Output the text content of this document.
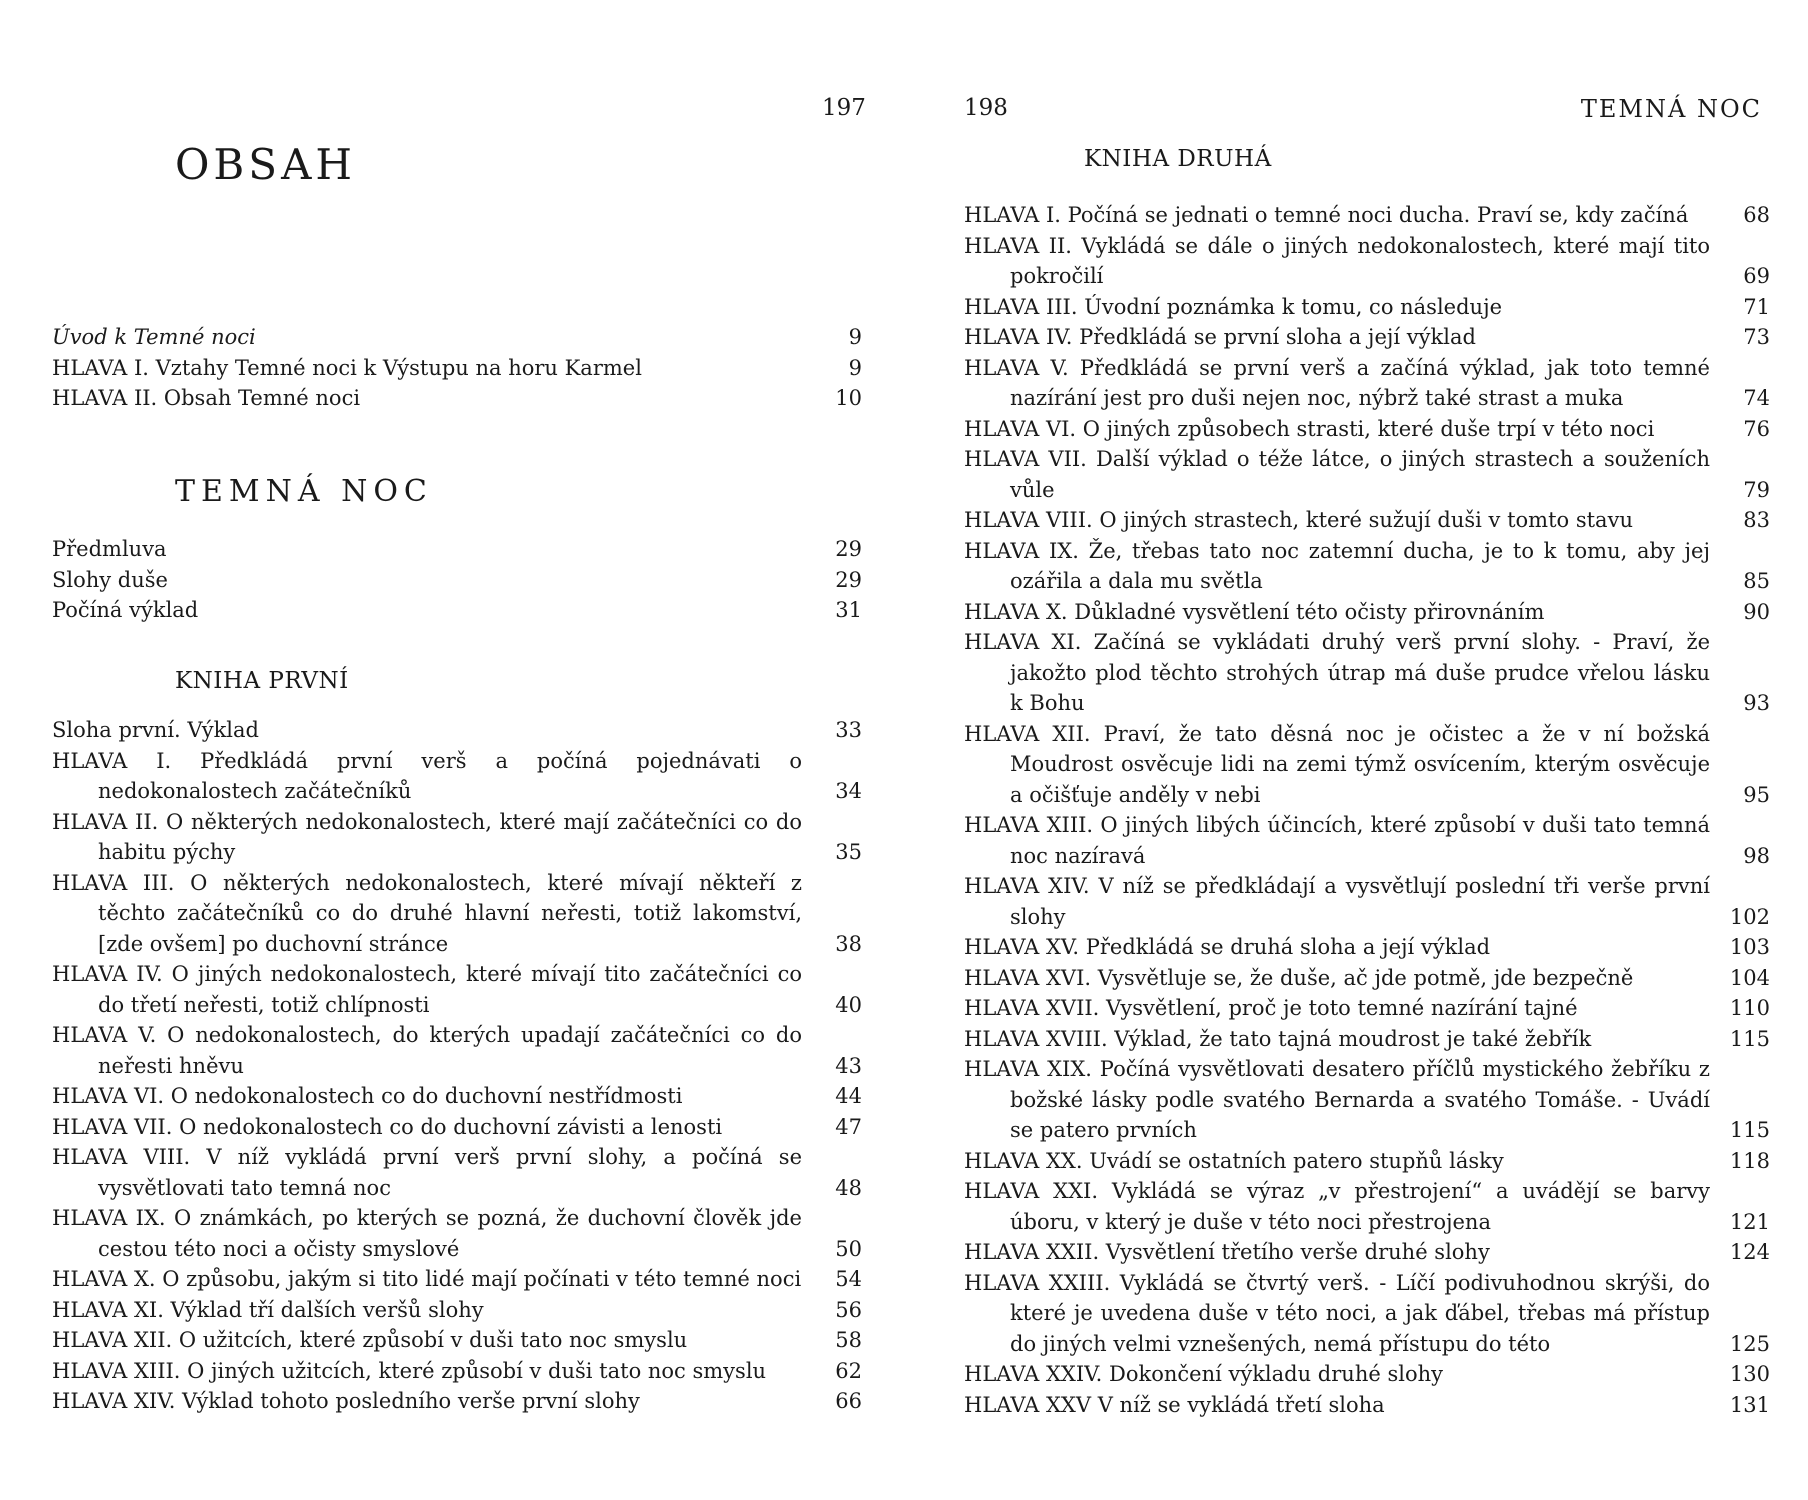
197
OBSAH
Úvod k Temné noci	9
HLAVA I. Vztahy Temné noci k Výstupu na horu Karmel	9
HLAVA II. Obsah Temné noci	10
TEMNÁ NOC
Předmluva	29
Slohy duše	29
Počíná výklad	31
KNIHA PRVNÍ
Sloha první. Výklad	33
HLAVA I. Předkládá první verš a počíná pojednávati o nedokonalostech začátečníků	34
HLAVA II. O některých nedokonalostech, které mají začátečníci co do habitu pýchy	35
HLAVA III. O některých nedokonalostech, které mívají někteří z těchto začátečníků co do druhé hlavní neřesti, totiž lakomství, [zde ovšem] po duchovní stránce	38
HLAVA IV. O jiných nedokonalostech, které mívají tito začátečníci co do třetí neřesti, totiž chlípnosti	40
HLAVA V. O nedokonalostech, do kterých upadají začátečníci co do neřesti hněvu	43
HLAVA VI. O nedokonalostech co do duchovní nestřídmosti	44
HLAVA VII. O nedokonalostech co do duchovní závisti a lenosti	47
HLAVA VIII. V níž vykládá první verš první slohy, a počíná se vysvětlovati tato temná noc	48
HLAVA IX. O známkách, po kterých se pozná, že duchovní člověk jde cestou této noci a očisty smyslové	50
HLAVA X. O způsobu, jakým si tito lidé mají počínati v této temné noci	54
HLAVA XI. Výklad tří dalších veršů slohy	56
HLAVA XII. O užitcích, které způsobí v duši tato noc smyslu	58
HLAVA XIII. O jiných užitcích, které způsobí v duši tato noc smyslu	62
HLAVA XIV. Výklad tohoto posledního verše první slohy	66
198	TEMNÁ NOC
KNIHA DRUHÁ
HLAVA I. Počíná se jednati o temné noci ducha. Praví se, kdy začíná	68
HLAVA II. Vykládá se dále o jiných nedokonalostech, které mají tito pokročilí	69
HLAVA III. Úvodní poznámka k tomu, co následuje	71
HLAVA IV. Předkládá se první sloha a její výklad	73
HLAVA V. Předkládá se první verš a začíná výklad, jak toto temné nazírání jest pro duši nejen noc, nýbrž také strast a muka	74
HLAVA VI. O jiných způsobech strasti, které duše trpí v této noci	76
HLAVA VII. Další výklad o téže látce, o jiných strastech a souženích vůle	79
HLAVA VIII. O jiných strastech, které sužují duši v tomto stavu	83
HLAVA IX. Že, třebas tato noc zatemní ducha, je to k tomu, aby jej ozářila a dala mu světla	85
HLAVA X. Důkladné vysvětlení této očisty přirovnáním	90
HLAVA XI. Začíná se vykládati druhý verš první slohy. - Praví, že jakožto plod těchto strohých útrap má duše prudce vřelou lásku k Bohu	93
HLAVA XII. Praví, že tato děsná noc je očistec a že v ní božská Moudrost osvěcuje lidi na zemi týmž osvícením, kterým osvěcuje a očišťuje anděly v nebi	95
HLAVA XIII. O jiných libých účincích, které způsobí v duši tato temná noc nazíravá	98
HLAVA XIV. V níž se předkládají a vysvětlují poslední tři verše první slohy	102
HLAVA XV. Předkládá se druhá sloha a její výklad	103
HLAVA XVI. Vysvětluje se, že duše, ač jde potmě, jde bezpečně	104
HLAVA XVII. Vysvětlení, proč je toto temné nazírání tajné	110
HLAVA XVIII. Výklad, že tato tajná moudrost je také žebřík	115
HLAVA XIX. Počíná vysvětlovati desatero příčlů mystického žebříku z božské lásky podle svatého Bernarda a svatého Tomáše. - Uvádí se patero prvních	115
HLAVA XX. Uvádí se ostatních patero stupňů lásky	118
HLAVA XXI. Vykládá se výraz „v přestrojení“ a uvádějí se barvy úboru, v který je duše v této noci přestrojena	121
HLAVA XXII. Vysvětlení třetího verše druhé slohy	124
HLAVA XXIII. Vykládá se čtvrtý verš. - Líčí podivuhodnou skrýši, do které je uvedena duše v této noci, a jak ďábel, třebas má přístup do jiných velmi vznešených, nemá přístupu do této	125
HLAVA XXIV. Dokončení výkladu druhé slohy	130
HLAVA XXV V níž se vykládá třetí sloha	131
